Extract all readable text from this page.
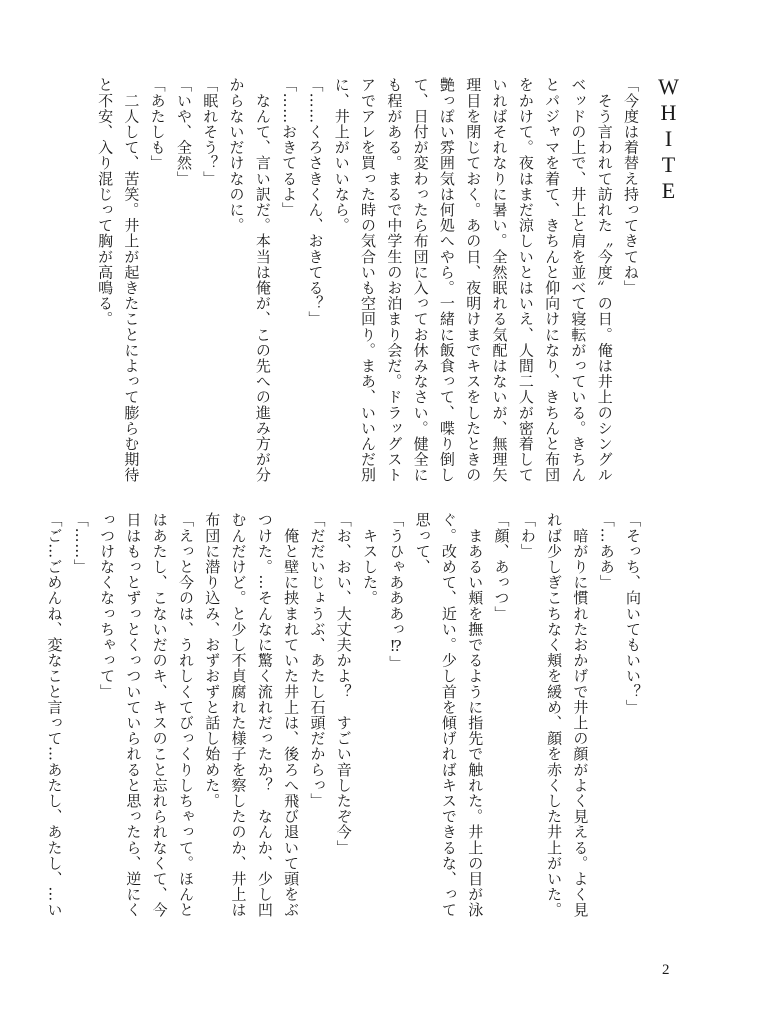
WHITE
「今度は着替え持ってきてね」
　そう言われて訪れた〝今度〟の日。俺は井上のシングル
ベッドの上で、井上と肩を並べて寝転がっている。きちん
とパジャマを着て、きちんと仰向けになり、きちんと布団
をかけて。夜はまだ涼しいとはいえ、人間二人が密着して
いればそれなりに暑い。全然眠れる気配はないが、無理矢
理目を閉じておく。あの日、夜明けまでキスをしたときの
艶っぽい雰囲気は何処へやら。一緒に飯食って、喋り倒し
て、日付が変わったら布団に入ってお休みなさい。健全に
も程がある。まるで中学生のお泊まり会だ。ドラッグスト
アでアレを買った時の気合いも空回り。まあ、いいんだ別
に、井上がいいなら。
「……くろさきくん、おきてる？」
「……おきてるよ」
　なんて、言い訳だ。本当は俺が、この先への進み方が分
からないだけなのに。
「眠れそう？」
「いや、全然」
「あたしも」
　二人して、苦笑。井上が起きたことによって膨らむ期待
と不安、入り混じって胸が高鳴る。
「そっち、向いてもいい？」
「…ああ」
　暗がりに慣れたおかげで井上の顔がよく見える。よく見
れば少しぎこちなく頬を緩め、顔を赤くした井上がいた。
「わ」
「顔、あっつ」
　まあるい頬を撫でるように指先で触れた。井上の目が泳
ぐ。改めて、近い。少し首を傾げればキスできるな、って
思って、
「うひゃあああっ⁉」
　キスした。
「お、おい、大丈夫かよ？　すごい音したぞ今」
「だだいじょうぶ、あたし石頭だからっ」
　俺と壁に挟まれていた井上は、後ろへ飛び退いて頭をぶ
つけた。…そんなに驚く流れだったか？　なんか、少し凹
むんだけど。と少し不貞腐れた様子を察したのか、井上は
布団に潜り込み、おずおずと話し始めた。
「えっと今のは、うれしくてびっくりしちゃって。ほんと
はあたし、こないだのキ、キスのこと忘れられなくて、今
日はもっとずっとくっついていられると思ったら、逆にく
っつけなくなっちゃって」
「……」
「ご…ごめんね、変なこと言って…あたし、あたし、…い
2
